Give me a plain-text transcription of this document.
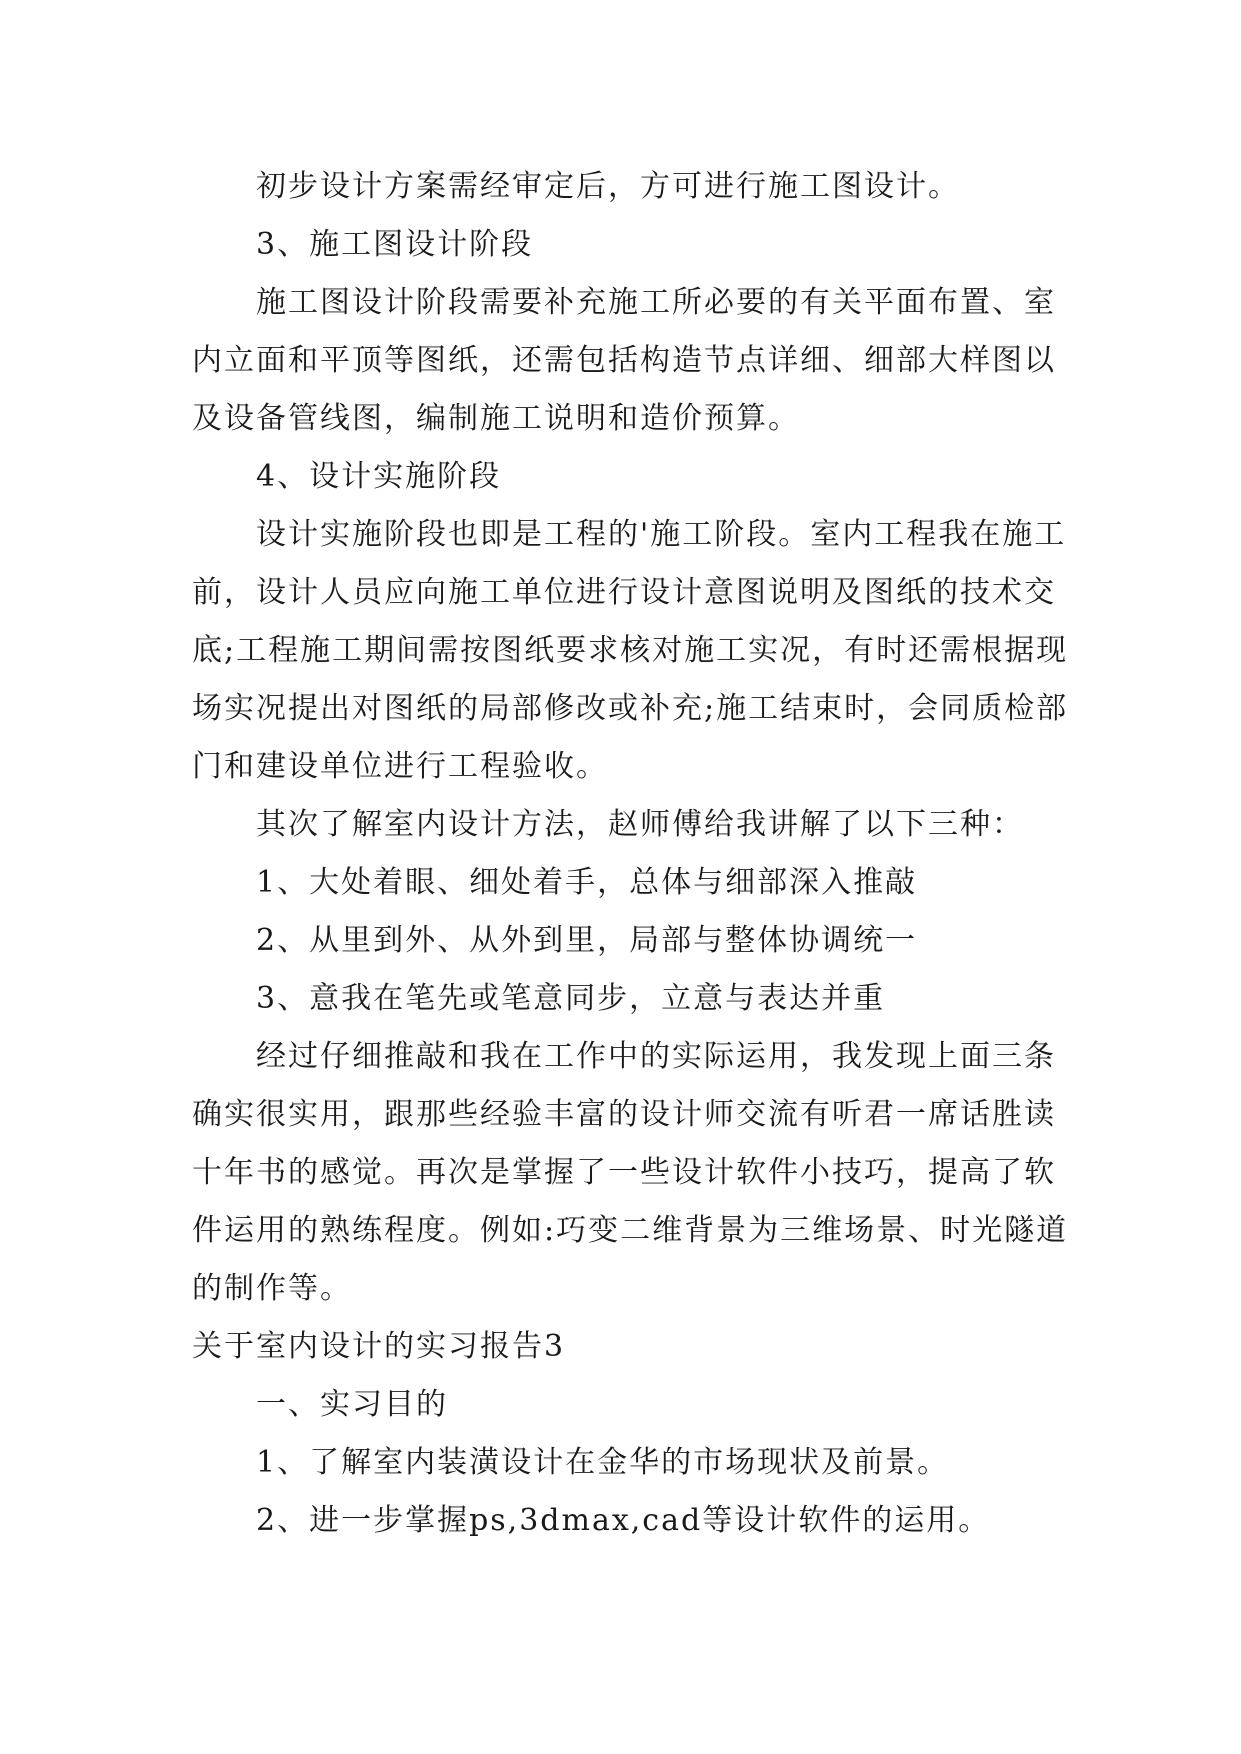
初步设计方案需经审定后，方可进行施工图设计。

3、施工图设计阶段

施工图设计阶段需要补充施工所必要的有关平面布置、室内立面和平顶等图纸，还需包括构造节点详细、细部大样图以及设备管线图，编制施工说明和造价预算。

4、设计实施阶段

设计实施阶段也即是工程的'施工阶段。室内工程我在施工前，设计人员应向施工单位进行设计意图说明及图纸的技术交底;工程施工期间需按图纸要求核对施工实况，有时还需根据现场实况提出对图纸的局部修改或补充;施工结束时，会同质检部门和建设单位进行工程验收。

其次了解室内设计方法，赵师傅给我讲解了以下三种：

1、大处着眼、细处着手，总体与细部深入推敲

2、从里到外、从外到里，局部与整体协调统一

3、意我在笔先或笔意同步，立意与表达并重

经过仔细推敲和我在工作中的实际运用，我发现上面三条确实很实用，跟那些经验丰富的设计师交流有听君一席话胜读十年书的感觉。再次是掌握了一些设计软件小技巧，提高了软件运用的熟练程度。例如:巧变二维背景为三维场景、时光隧道的制作等。

关于室内设计的实习报告3

一、实习目的

1、了解室内装潢设计在金华的市场现状及前景。

2、进一步掌握ps,3dmax,cad等设计软件的运用。
